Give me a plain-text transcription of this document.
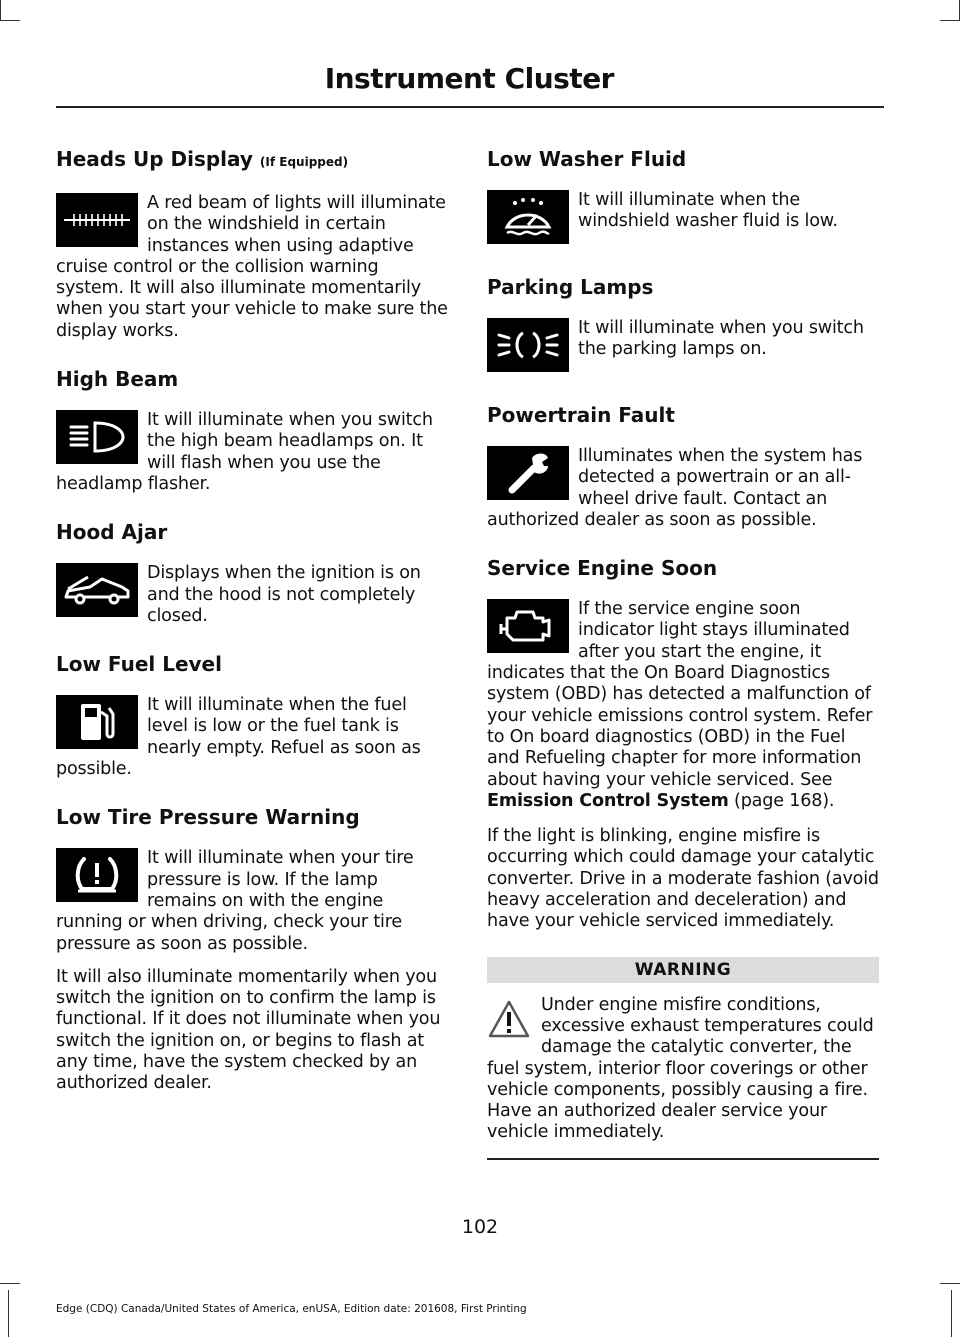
Instrument Cluster
Heads Up Display (If Equipped)

A red beam of lights will illuminate on the windshield in certain instances when using adaptive cruise control or the collision warning system. It will also illuminate momentarily when you start your vehicle to make sure the display works.

High Beam

It will illuminate when you switch the high beam headlamps on. It will flash when you use the headlamp flasher.

Hood Ajar

Displays when the ignition is on and the hood is not completely closed.

Low Fuel Level

It will illuminate when the fuel level is low or the fuel tank is nearly empty. Refuel as soon as possible.

Low Tire Pressure Warning

It will illuminate when your tire pressure is low. If the lamp remains on with the engine running or when driving, check your tire pressure as soon as possible.

It will also illuminate momentarily when you switch the ignition on to confirm the lamp is functional. If it does not illuminate when you switch the ignition on, or begins to flash at any time, have the system checked by an authorized dealer.

Low Washer Fluid

It will illuminate when the windshield washer fluid is low.

Parking Lamps

It will illuminate when you switch the parking lamps on.

Powertrain Fault

Illuminates when the system has detected a powertrain or an all-wheel drive fault. Contact an authorized dealer as soon as possible.

Service Engine Soon

If the service engine soon indicator light stays illuminated after you start the engine, it indicates that the On Board Diagnostics system (OBD) has detected a malfunction of your vehicle emissions control system. Refer to On board diagnostics (OBD) in the Fuel and Refueling chapter for more information about having your vehicle serviced. See Emission Control System (page 168).

If the light is blinking, engine misfire is occurring which could damage your catalytic converter. Drive in a moderate fashion (avoid heavy acceleration and deceleration) and have your vehicle serviced immediately.

WARNING

Under engine misfire conditions, excessive exhaust temperatures could damage the catalytic converter, the fuel system, interior floor coverings or other vehicle components, possibly causing a fire. Have an authorized dealer service your vehicle immediately.

102
Edge (CDQ) Canada/United States of America, enUSA, Edition date: 201608, First Printing
